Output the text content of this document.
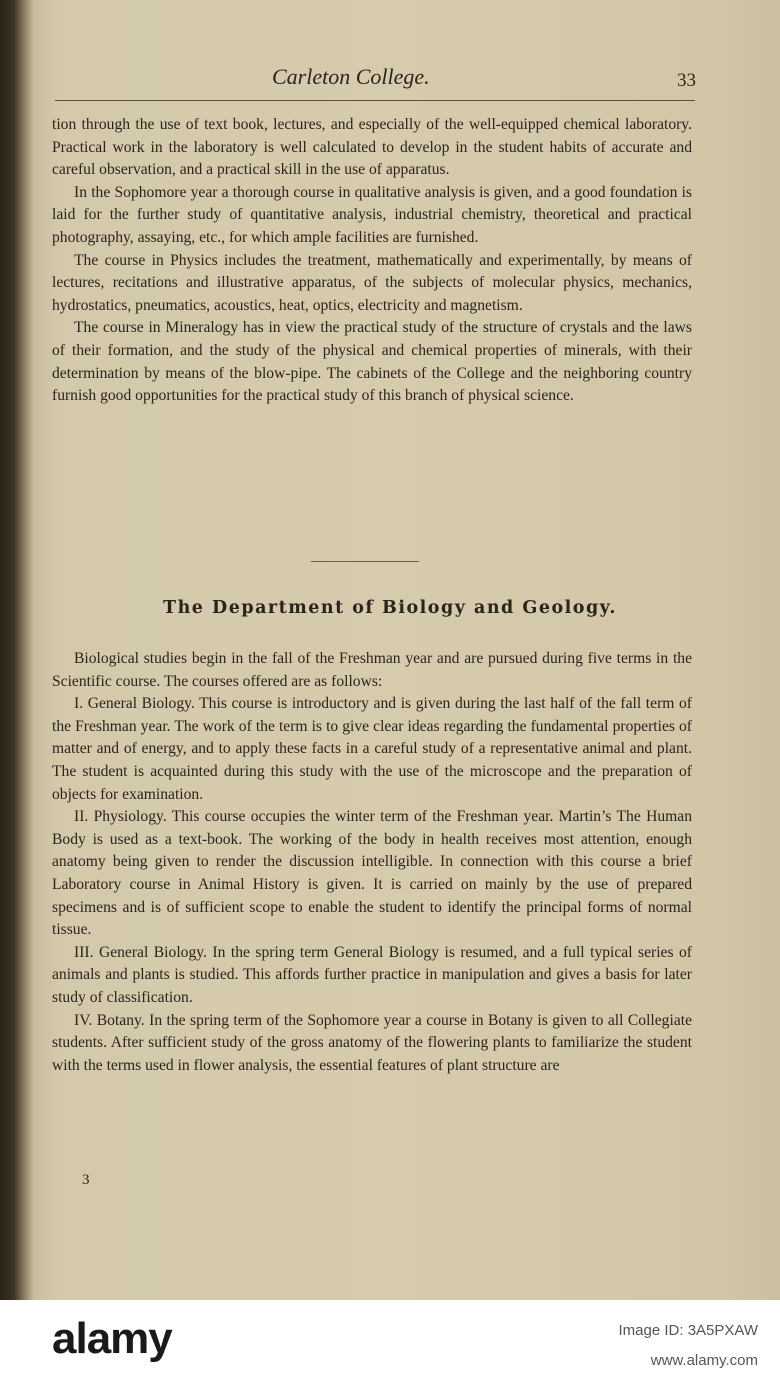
Carleton College.	33

tion through the use of text book, lectures, and especially of the well-equipped chemical laboratory. Practical work in the laboratory is well calculated to develop in the student habits of accurate and careful observation, and a practical skill in the use of apparatus.

In the Sophomore year a thorough course in qualitative analysis is given, and a good foundation is laid for the further study of quantitative analysis, industrial chemistry, theoretical and practical photography, assaying, etc., for which ample facilities are furnished.

The course in Physics includes the treatment, mathematically and experimentally, by means of lectures, recitations and illustrative apparatus, of the subjects of molecular physics, mechanics, hydrostatics, pneumatics, acoustics, heat, optics, electricity and magnetism.

The course in Mineralogy has in view the practical study of the structure of crystals and the laws of their formation, and the study of the physical and chemical properties of minerals, with their determination by means of the blow-pipe. The cabinets of the College and the neighboring country furnish good opportunities for the practical study of this branch of physical science.

The Department of Biology and Geology.

Biological studies begin in the fall of the Freshman year and are pursued during five terms in the Scientific course. The courses offered are as follows:

I. General Biology. This course is introductory and is given during the last half of the fall term of the Freshman year. The work of the term is to give clear ideas regarding the fundamental properties of matter and of energy, and to apply these facts in a careful study of a representative animal and plant. The student is acquainted during this study with the use of the microscope and the preparation of objects for examination.

II. Physiology. This course occupies the winter term of the Freshman year. Martin’s The Human Body is used as a text-book. The working of the body in health receives most attention, enough anatomy being given to render the discussion intelligible. In connection with this course a brief Laboratory course in Animal History is given. It is carried on mainly by the use of prepared specimens and is of sufficient scope to enable the student to identify the principal forms of normal tissue.

III. General Biology. In the spring term General Biology is resumed, and a full typical series of animals and plants is studied. This affords further practice in manipulation and gives a basis for later study of classification.

IV. Botany. In the spring term of the Sophomore year a course in Botany is given to all Collegiate students. After sufficient study of the gross anatomy of the flowering plants to familiarize the student with the terms used in flower analysis, the essential features of plant structure are

3
alamy	Image ID: 3A5PXAW
www.alamy.com
